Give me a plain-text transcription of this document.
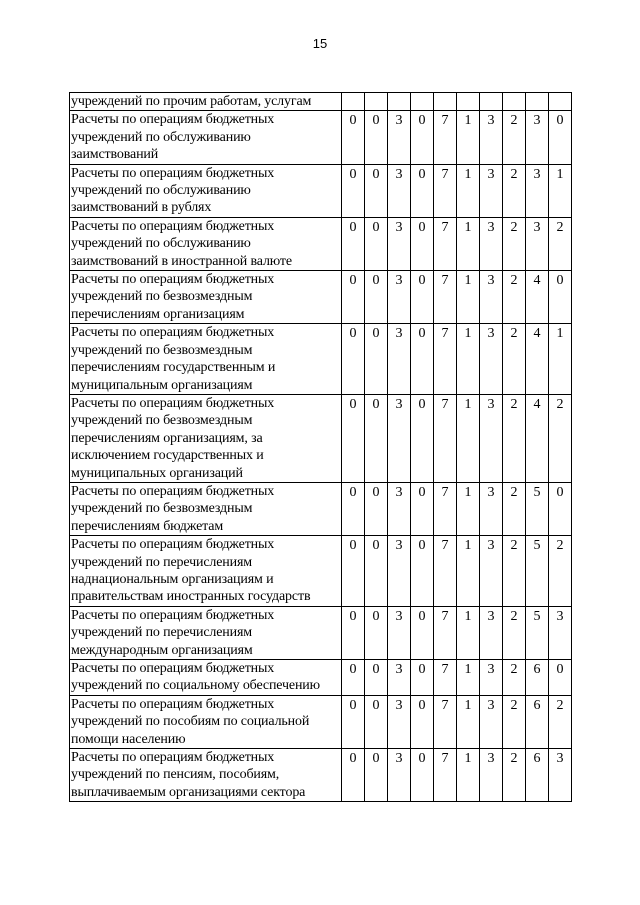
15
учреждений по прочим работам, услугам										
Расчеты по операциям бюджетных учреждений по обслуживанию заимствований	0	0	3	0	7	1	3	2	3	0
Расчеты по операциям бюджетных учреждений по обслуживанию заимствований в рублях	0	0	3	0	7	1	3	2	3	1
Расчеты по операциям бюджетных учреждений по обслуживанию заимствований в иностранной валюте	0	0	3	0	7	1	3	2	3	2
Расчеты по операциям бюджетных учреждений по безвозмездным перечислениям организациям	0	0	3	0	7	1	3	2	4	0
Расчеты по операциям бюджетных учреждений по безвозмездным перечислениям государственным и муниципальным организациям	0	0	3	0	7	1	3	2	4	1
Расчеты по операциям бюджетных учреждений по безвозмездным перечислениям организациям, за исключением государственных и муниципальных организаций	0	0	3	0	7	1	3	2	4	2
Расчеты по операциям бюджетных учреждений по безвозмездным перечислениям бюджетам	0	0	3	0	7	1	3	2	5	0
Расчеты по операциям бюджетных учреждений по перечислениям наднациональным организациям и правительствам иностранных государств	0	0	3	0	7	1	3	2	5	2
Расчеты по операциям бюджетных учреждений по перечислениям международным организациям	0	0	3	0	7	1	3	2	5	3
Расчеты по операциям бюджетных учреждений по социальному обеспечению	0	0	3	0	7	1	3	2	6	0
Расчеты по операциям бюджетных учреждений по пособиям по социальной помощи населению	0	0	3	0	7	1	3	2	6	2
Расчеты по операциям бюджетных учреждений по пенсиям, пособиям, выплачиваемым организациями сектора	0	0	3	0	7	1	3	2	6	3
